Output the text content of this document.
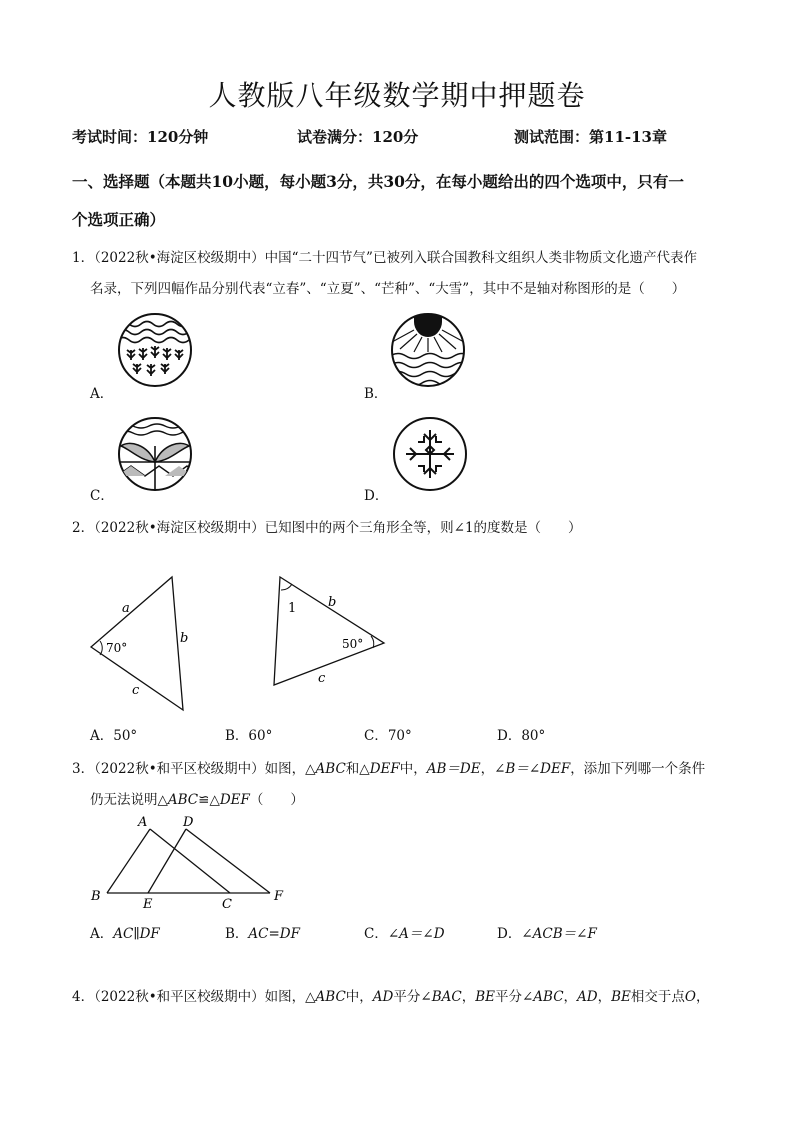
人教版八年级数学期中押题卷
考试时间：120分钟	试卷满分：120分	测试范围：第11-13章
一、选择题（本题共10小题，每小题3分，共30分，在每小题给出的四个选项中，只有一
个选项正确）
1．（2022秋•海淀区校级期中）中国“二十四节气”已被列入联合国教科文组织人类非物质文化遗产代表作
名录，下列四幅作品分别代表“立春”、“立夏”、“芒种”、“大雪”，其中不是轴对称图形的是（　　）
A．	B．
C．	D．
2．（2022秋•海淀区校级期中）已知图中的两个三角形全等，则∠1的度数是（　　）
a
b
c
70°
1 b
50°
c
A．50°	B．60°	C．70°	D．80°
3．（2022秋•和平区校级期中）如图，△ABC和△DEF中，AB＝DE，∠B＝∠DEF，添加下列哪一个条件
仍无法说明△ABC≌△DEF（　　）
A	D
B
E	C
F
A．AC∥DF	B．AC=DF	C．∠A＝∠D	D．∠ACB＝∠F
4．（2022秋•和平区校级期中）如图，△ABC中，AD平分∠BAC，BE平分∠ABC，AD，BE相交于点O，
